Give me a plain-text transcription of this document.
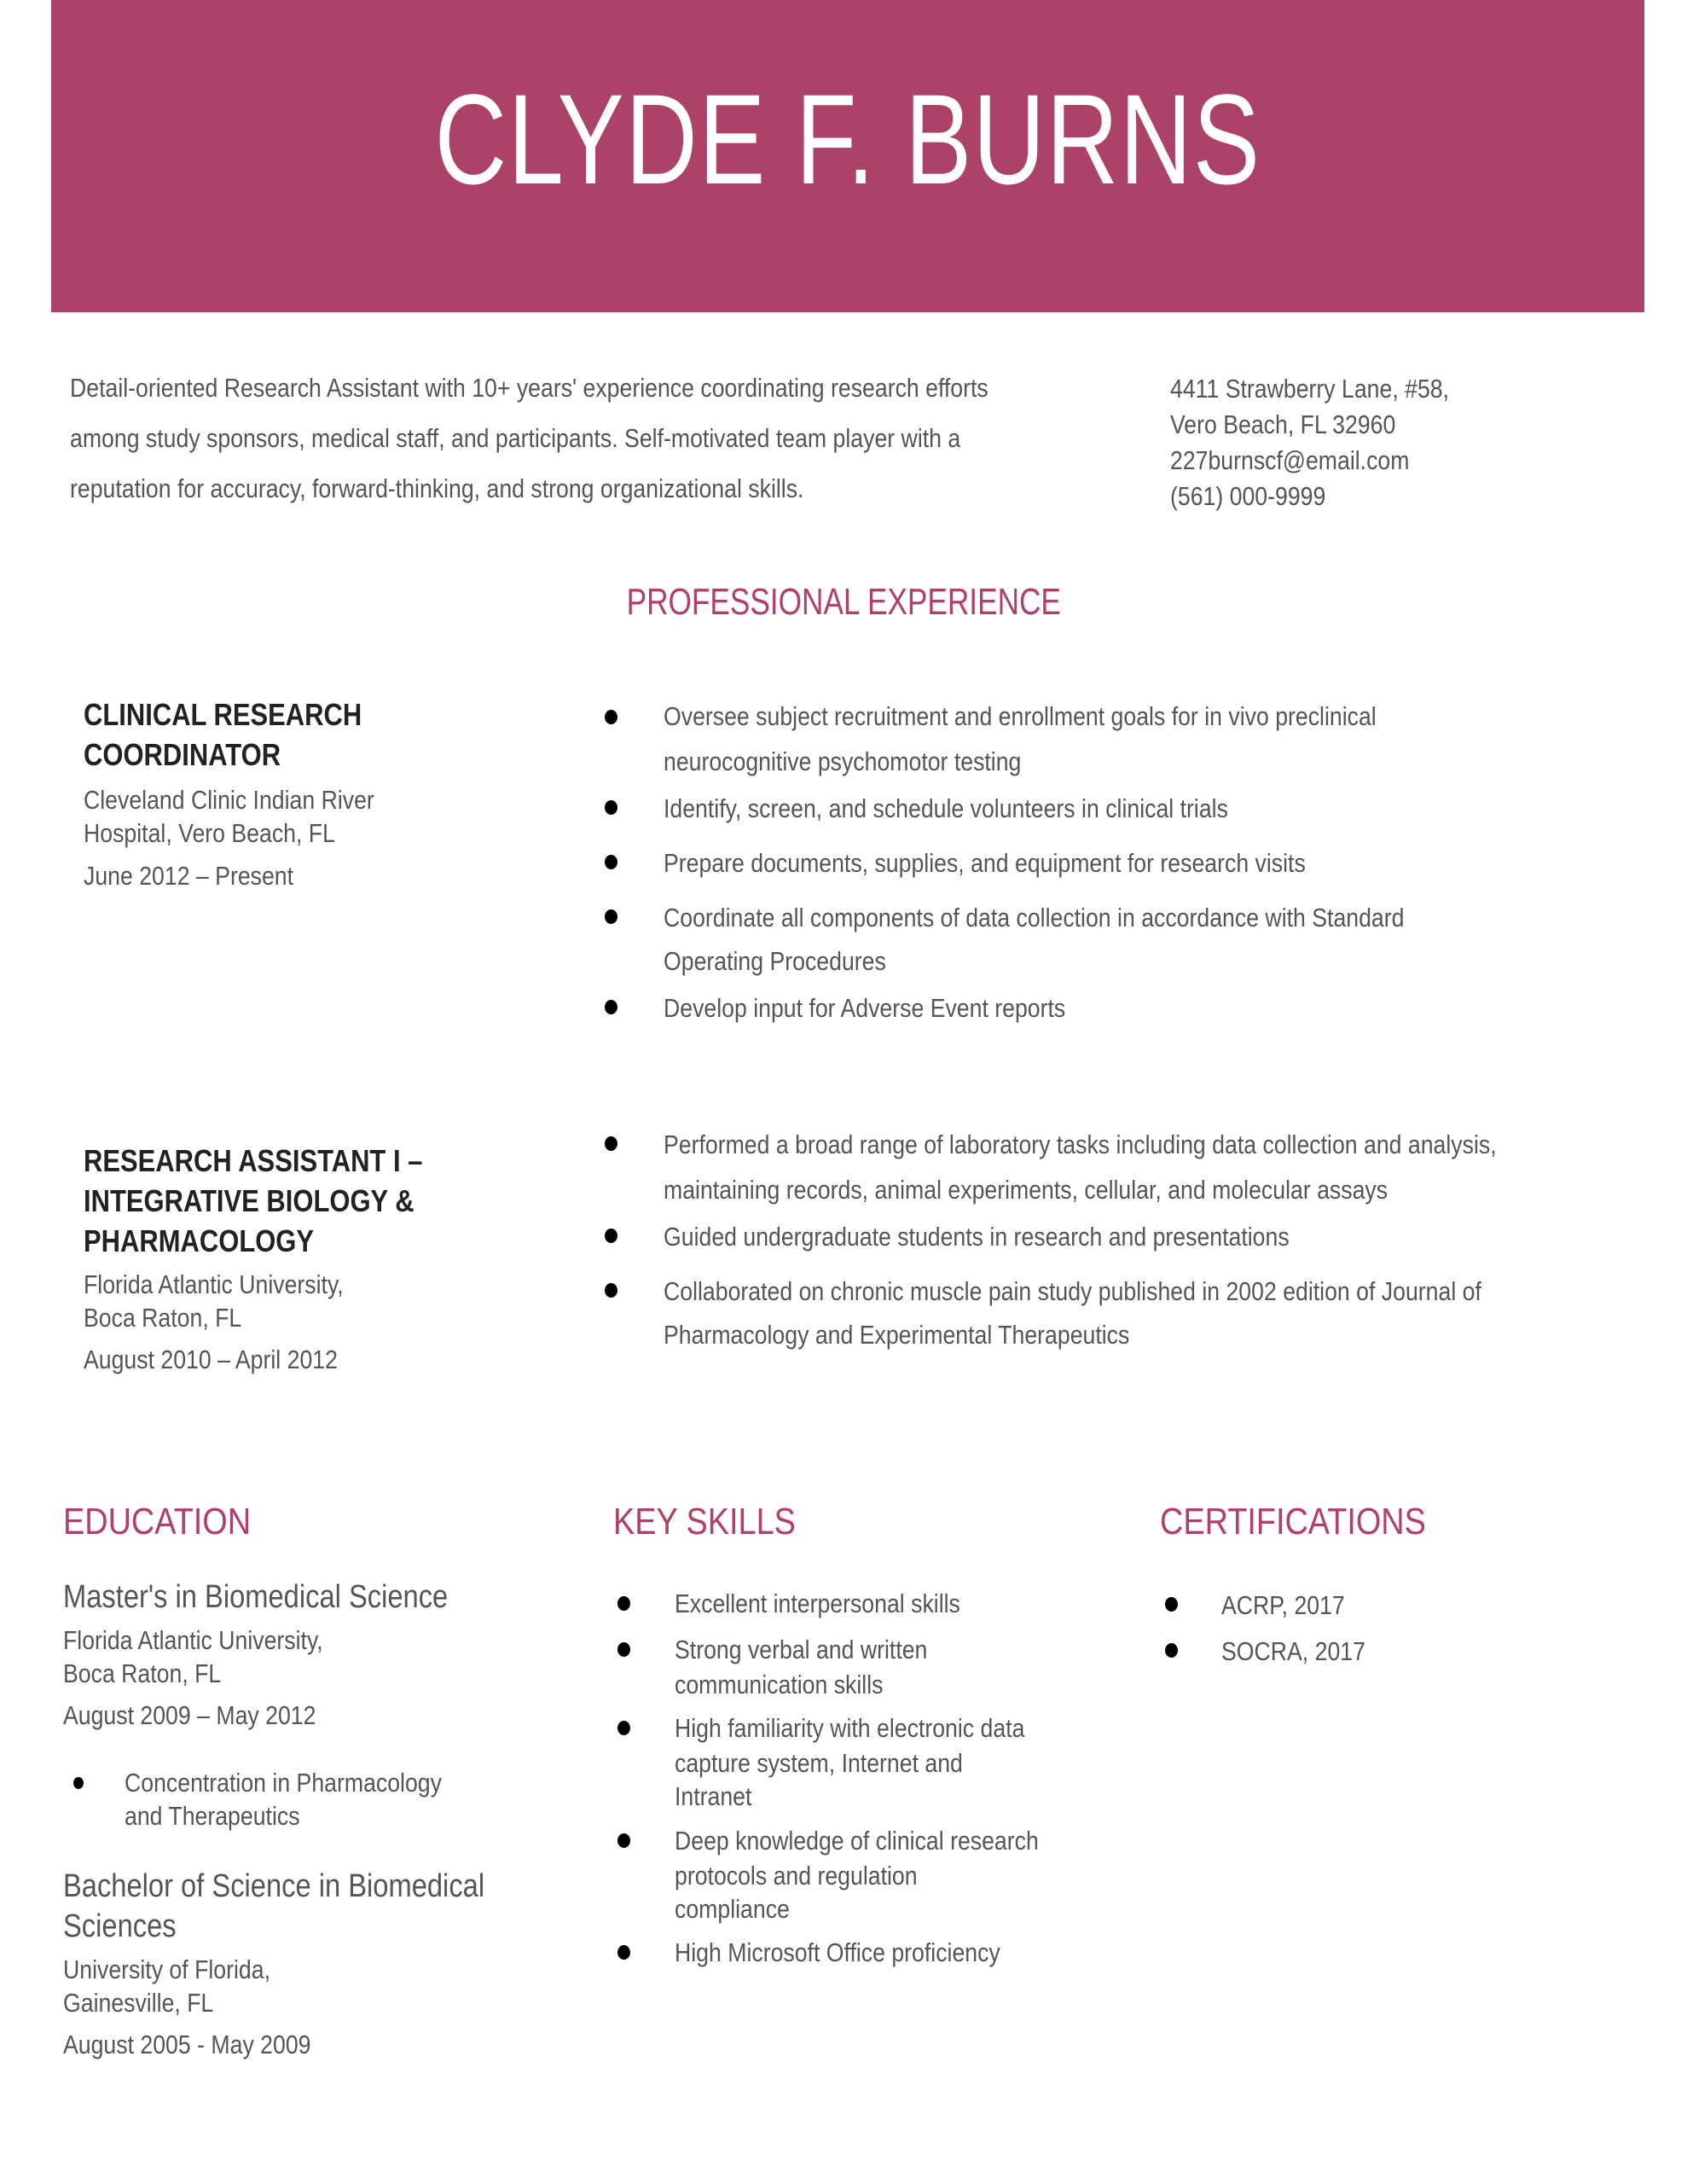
CLYDE F. BURNS
Detail-oriented Research Assistant with 10+ years' experience coordinating research efforts
among study sponsors, medical staff, and participants. Self-motivated team player with a
reputation for accuracy, forward-thinking, and strong organizational skills.
4411 Strawberry Lane, #58,
Vero Beach, FL 32960
227burnscf@email.com
(561) 000-9999
PROFESSIONAL EXPERIENCE
CLINICAL RESEARCH
COORDINATOR
Cleveland Clinic Indian River
Hospital, Vero Beach, FL
June 2012 – Present
Oversee subject recruitment and enrollment goals for in vivo preclinical
neurocognitive psychomotor testing
Identify, screen, and schedule volunteers in clinical trials
Prepare documents, supplies, and equipment for research visits
Coordinate all components of data collection in accordance with Standard
Operating Procedures
Develop input for Adverse Event reports
RESEARCH ASSISTANT I –
INTEGRATIVE BIOLOGY &
PHARMACOLOGY
Florida Atlantic University,
Boca Raton, FL
August 2010 – April 2012
Performed a broad range of laboratory tasks including data collection and analysis,
maintaining records, animal experiments, cellular, and molecular assays
Guided undergraduate students in research and presentations
Collaborated on chronic muscle pain study published in 2002 edition of Journal of
Pharmacology and Experimental Therapeutics
EDUCATION
Master's in Biomedical Science
Florida Atlantic University,
Boca Raton, FL
August 2009 – May 2012
Concentration in Pharmacology
and Therapeutics
Bachelor of Science in Biomedical
Sciences
University of Florida,
Gainesville, FL
August 2005 - May 2009
KEY SKILLS
Excellent interpersonal skills
Strong verbal and written
communication skills
High familiarity with electronic data
capture system, Internet and
Intranet
Deep knowledge of clinical research
protocols and regulation
compliance
High Microsoft Office proficiency
CERTIFICATIONS
ACRP, 2017
SOCRA, 2017
